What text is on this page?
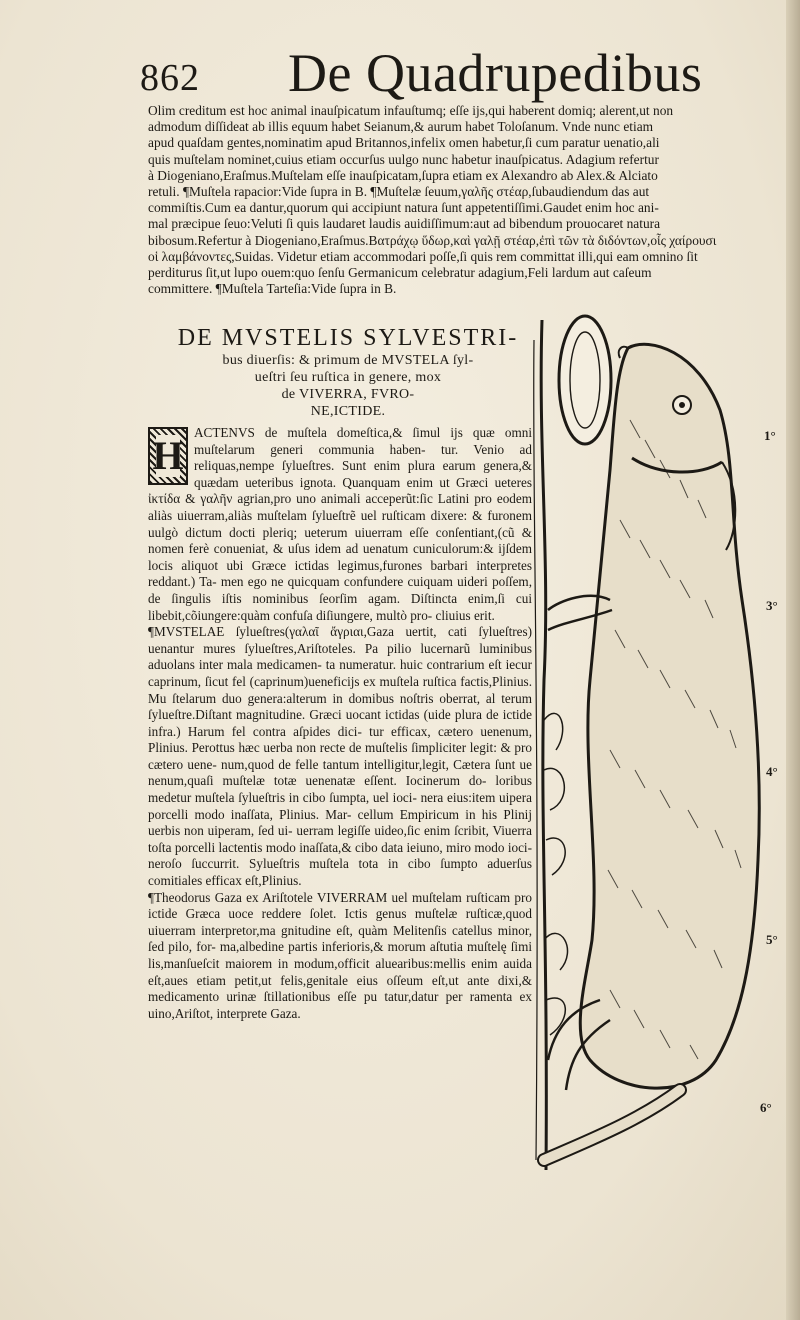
862 De Quadrupedibus

Olim creditum est hoc animal inauſpicatum infauſtumq; eſſe ijs,qui haberent domiq; alerent,ut non

admodum diſſideat ab illis equum habet Seianum,& aurum habet Toloſanum. Vnde nunc etiam

apud quaſdam gentes,nominatim apud Britannos,infelix omen habetur,ſi cum paratur uenatio,ali

quis muſtelam nominet,cuius etiam occurſus uulgo nunc habetur inauſpicatus. Adagium refertur

à Diogeniano,Eraſmus.Muſtelam eſſe inauſpicatam,ſupra etiam ex Alexandro ab Alex.& Alciato

retuli. ¶Muſtela rapacior:Vide ſupra in B. ¶Muſtelæ ſeuum,γαλῆς στέαρ,ſubaudiendum das aut

commiſtis.Cum ea dantur,quorum qui accipiunt natura ſunt appetentiſſimi.Gaudet enim hoc ani-

mal præcipue ſeuo:Veluti ſi quis laudaret laudis auidiſſimum:aut ad bibendum prouocaret natura

bibosum.Refertur à Diogeniano,Eraſmus.Βατράχῳ ὕδωρ,καὶ γαλῇ στέαρ,ἐπὶ τῶν τὰ διδόντων,οἷς χαίρουσι

οἱ λαμβάνοντες,Suidas. Videtur etiam accommodari poſſe,ſi quis rem committat illi,qui eam omnino ſit

perditurus ſit,ut lupo ouem:quo ſenſu Germanicum celebratur adagium,Feli lardum aut caſeum

committere. ¶Muſtela Tarteſia:Vide ſupra in B.

DE MVSTELIS SYLVESTRI-
bus diuerſis: & primum de MVSTELA ſyl-
ueſtri ſeu ruſtica in genere, mox
de VIVERRA, FVRO-
NE,ICTIDE.
H

ACTENVS de muſtela domeſtica,& ſimul ijs quæ omni muſtelarum generi communia haben- tur. Venio ad reliquas,nempe ſylueſtres. Sunt enim plura earum genera,& quædam ueteribus ignota. Quanquam enim ut Græci ueteres ἰκτίδα & γαλῆν agrian,pro uno animali acceperũt:ſic Latini pro eodem aliàs uiuerram,aliàs muſtelam ſylueſtrẽ uel ruſticam dixere: & furonem uulgò dictum docti pleriq; ueterum uiuerram eſſe conſentiant,(cũ & nomen ferè conueniat, & uſus idem ad uenatum cuniculorum:& ijſdem locis aliquot ubi Græce ictidas legimus,furones barbari interpretes reddant.) Ta- men ego ne quicquam confundere cuiquam uideri poſſem, de ſingulis iſtis nominibus ſeorſim agam. Diſtincta enim,ſi cui libebit,cõiungere:quàm confuſa diſiungere, multò pro- cliuius erit.

¶MVSTELAE ſylueſtres(γαλαῖ ἄγριαι,Gaza uertit, cati ſylueſtres) uenantur mures ſylueſtres,Ariſtoteles. Pa pilio lucernarũ luminibus aduolans inter mala medicamen- ta numeratur. huic contrarium eſt iecur caprinum, ſicut fel (caprinum)ueneficijs ex muſtela ruſtica factis,Plinius. Mu ſtelarum duo genera:alterum in domibus noſtris oberrat, al terum ſylueſtre.Diſtant magnitudine. Græci uocant ictidas (uide plura de ictide infra.) Harum fel contra aſpides dici- tur efficax, cætero uenenum, Plinius. Perottus hæc uerba non recte de muſtelis ſimpliciter legit: & pro cætero uene- num,quod de felle tantum intelligitur,legit, Cætera ſunt ue nenum,quaſi muſtelæ totæ uenenatæ eſſent. Iocinerum do- loribus medetur muſtela ſylueſtris in cibo ſumpta, uel ioci- nera eius:item uipera porcelli modo inaſſata, Plinius. Mar- cellum Empiricum in his Plinij uerbis non uiperam, ſed ui- uerram legiſſe uideo,ſic enim ſcribit, Viuerra toſta porcelli lactentis modo inaſſata,& cibo data ieiuno, miro modo ioci- neroſo ſuccurrit. Sylueſtris muſtela tota in cibo ſumpto aduerſus comitiales efficax eſt,Plinius.

¶Theodorus Gaza ex Ariſtotele VIVERRAM uel muſtelam ruſticam pro ictide Græca uoce reddere ſolet. Ictis genus muſtelæ ruſticæ,quod uiuerram interpretor,ma gnitudine eſt, quàm Melitenſis catellus minor, ſed pilo, for- ma,albedine partis inferioris,& morum aſtutia muſtelę ſimi lis,manſueſcit maiorem in modum,officit aluearibus:mellis enim auida eſt,aues etiam petit,ut felis,genitale eius oſſeum eſt,ut ante dixi,& medicamento urinæ ſtillationibus eſſe pu tatur,datur per ramenta ex uino,Ariſtot, interprete Gaza.

1°
3°
4°
5°
6°
